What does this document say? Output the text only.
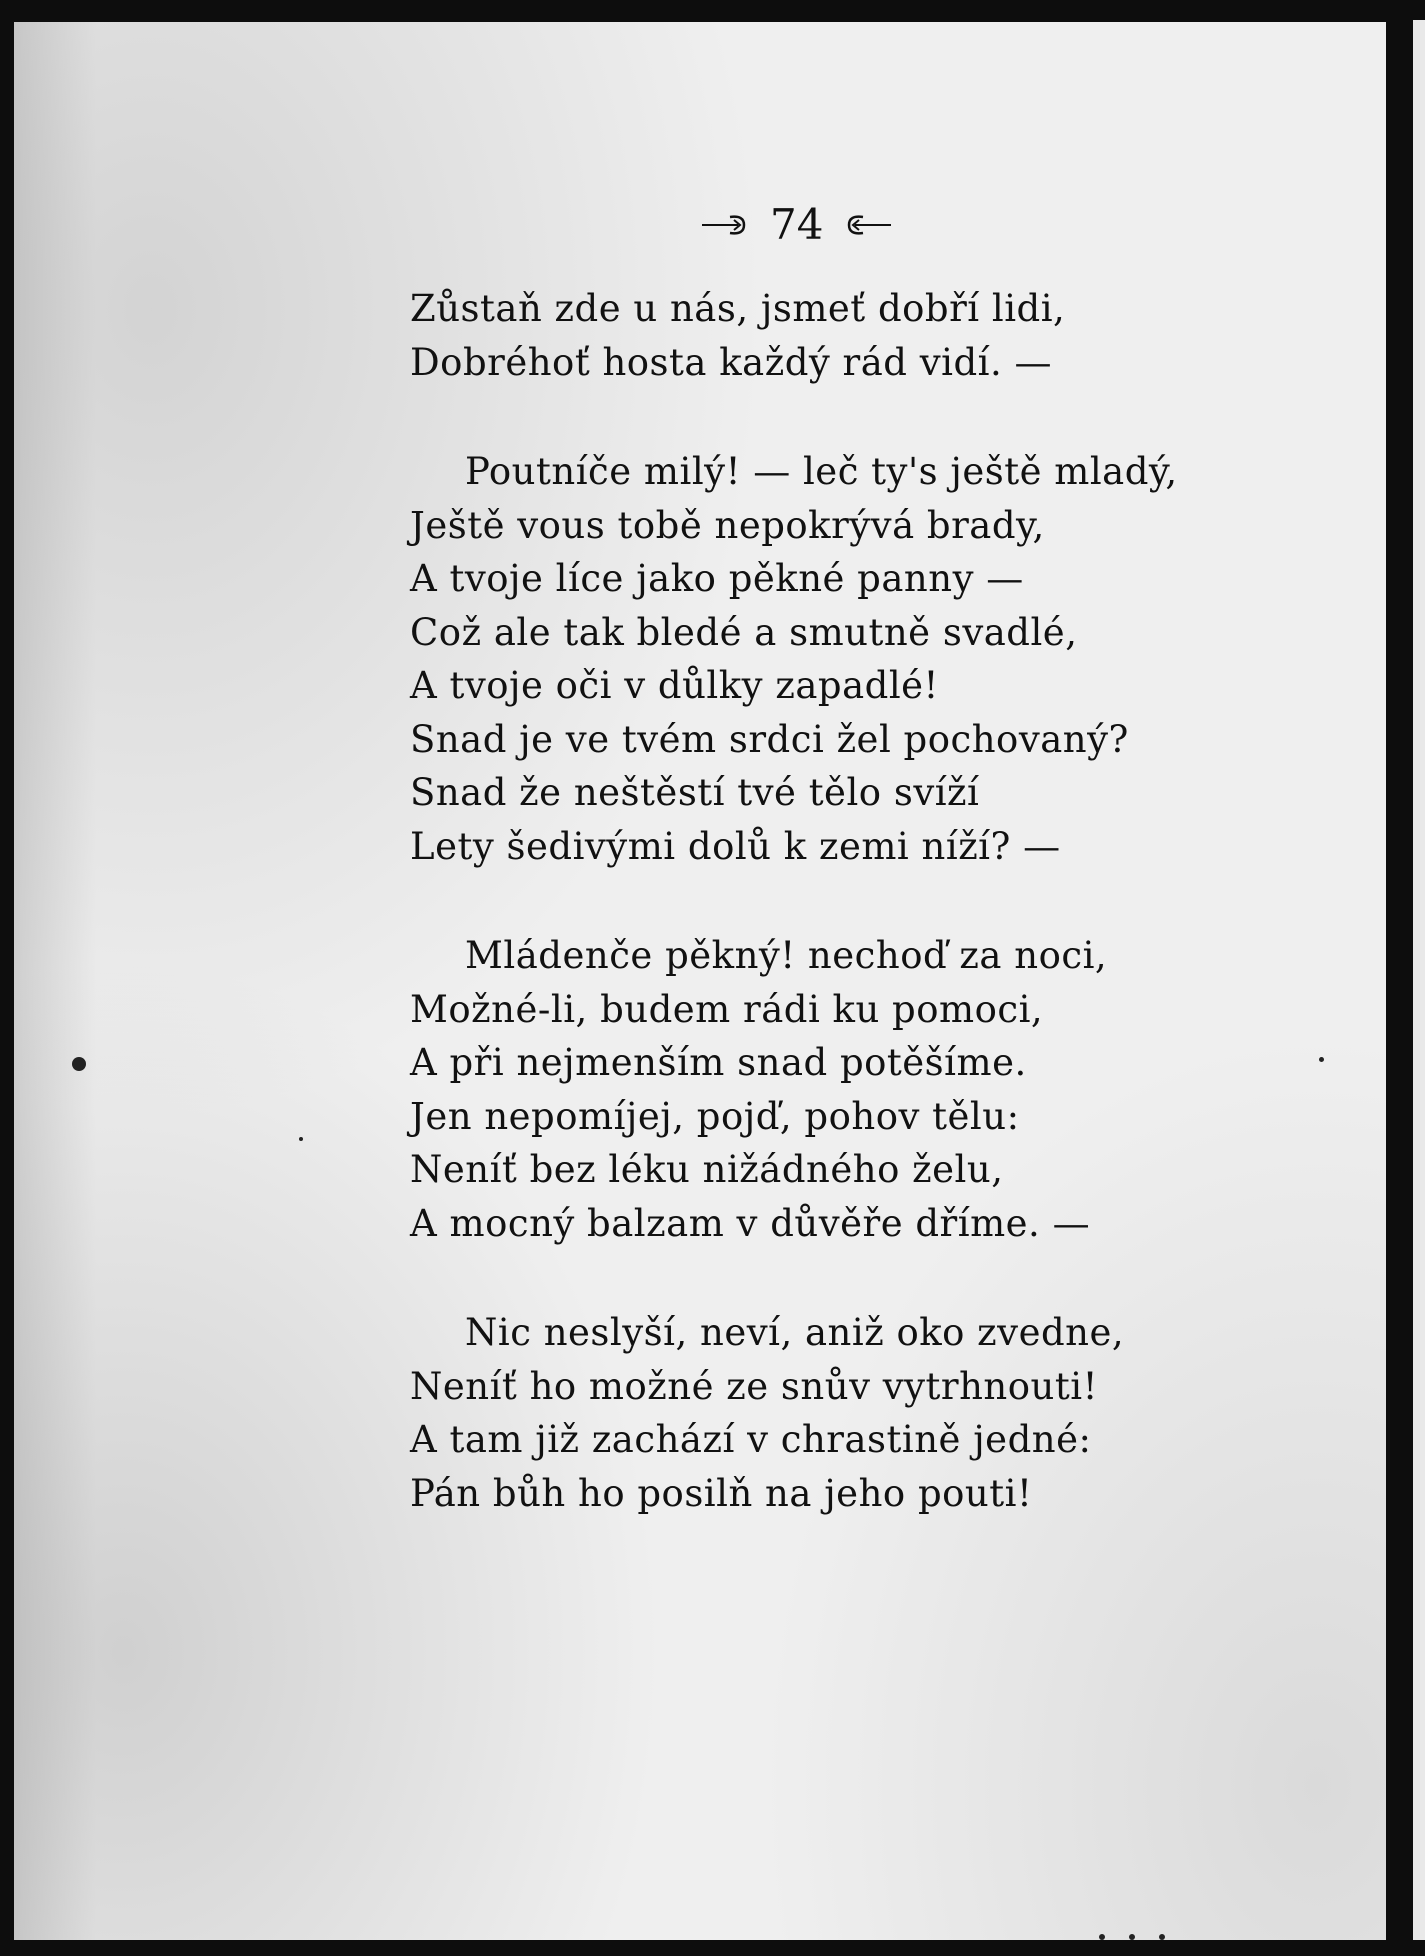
74
Zůstaň zde u nás, jsmeť dobří lidi,
Dobréhoť hosta každý rád vidí. —
Poutníče milý! — leč ty's ještě mladý,
Ještě vous tobě nepokrývá brady,
A tvoje líce jako pěkné panny —
Což ale tak bledé a smutně svadlé,
A tvoje oči v důlky zapadlé!
Snad je ve tvém srdci žel pochovaný?
Snad že neštěstí tvé tělo svíží
Lety šedivými dolů k zemi níží? —
Mládenče pěkný! nechoď za noci,
Možné-li, budem rádi ku pomoci,
A při nejmenším snad potěšíme.
Jen nepomíjej, pojď, pohov tělu:
Neníť bez léku nižádného želu,
A mocný balzam v důvěře dříme. —
Nic neslyší, neví, aniž oko zvedne,
Neníť ho možné ze snův vytrhnouti!
A tam již zachází v chrastině jedné:
Pán bůh ho posilň na jeho pouti!
